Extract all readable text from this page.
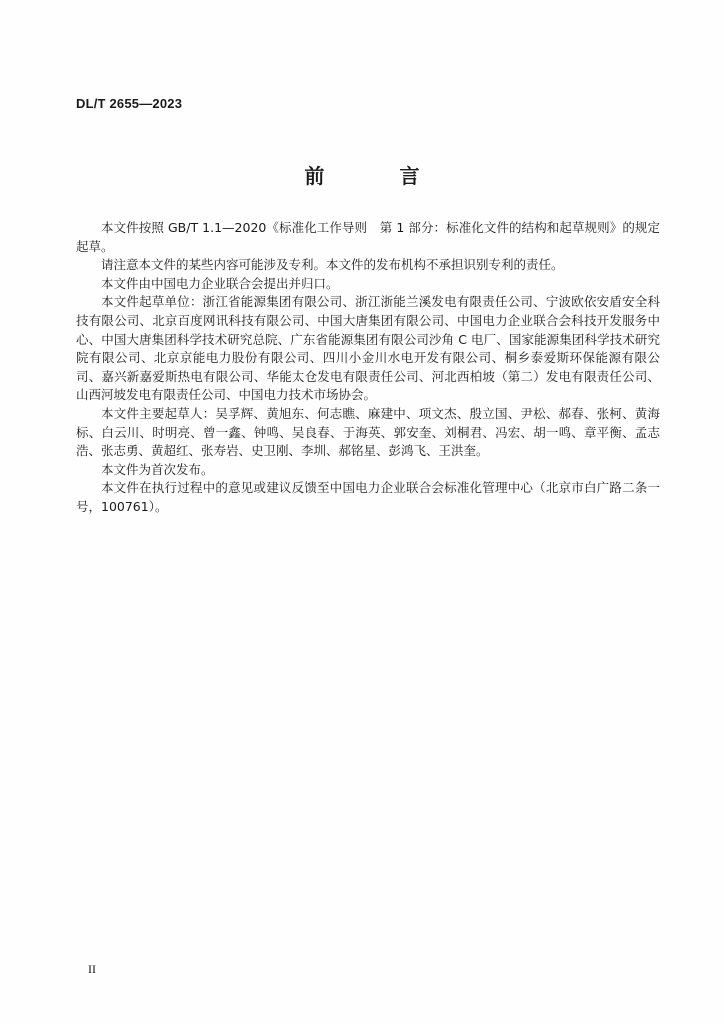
DL/T 2655—2023
前 言

本文件按照 GB/T 1.1—2020《标准化工作导则　第 1 部分：标准化文件的结构和起草规则》的规定起草。

请注意本文件的某些内容可能涉及专利。本文件的发布机构不承担识别专利的责任。

本文件由中国电力企业联合会提出并归口。

本文件起草单位：浙江省能源集团有限公司、浙江浙能兰溪发电有限责任公司、宁波欧依安盾安全科技有限公司、北京百度网讯科技有限公司、中国大唐集团有限公司、中国电力企业联合会科技开发服务中心、中国大唐集团科学技术研究总院、广东省能源集团有限公司沙角 C 电厂、国家能源集团科学技术研究院有限公司、北京京能电力股份有限公司、四川小金川水电开发有限公司、桐乡泰爱斯环保能源有限公司、嘉兴新嘉爱斯热电有限公司、华能太仓发电有限责任公司、河北西柏坡（第二）发电有限责任公司、山西河坡发电有限责任公司、中国电力技术市场协会。

本文件主要起草人：吴孚辉、黄旭东、何志瞧、麻建中、项文杰、殷立国、尹松、郝春、张柯、黄海标、白云川、时明亮、曾一鑫、钟鸣、吴良春、于海英、郭安奎、刘桐君、冯宏、胡一鸣、章平衡、孟志浩、张志勇、黄超红、张寿岩、史卫刚、李圳、郝铭星、彭鸿飞、王洪奎。

本文件为首次发布。

本文件在执行过程中的意见或建议反馈至中国电力企业联合会标准化管理中心（北京市白广路二条一号，100761）。

II
